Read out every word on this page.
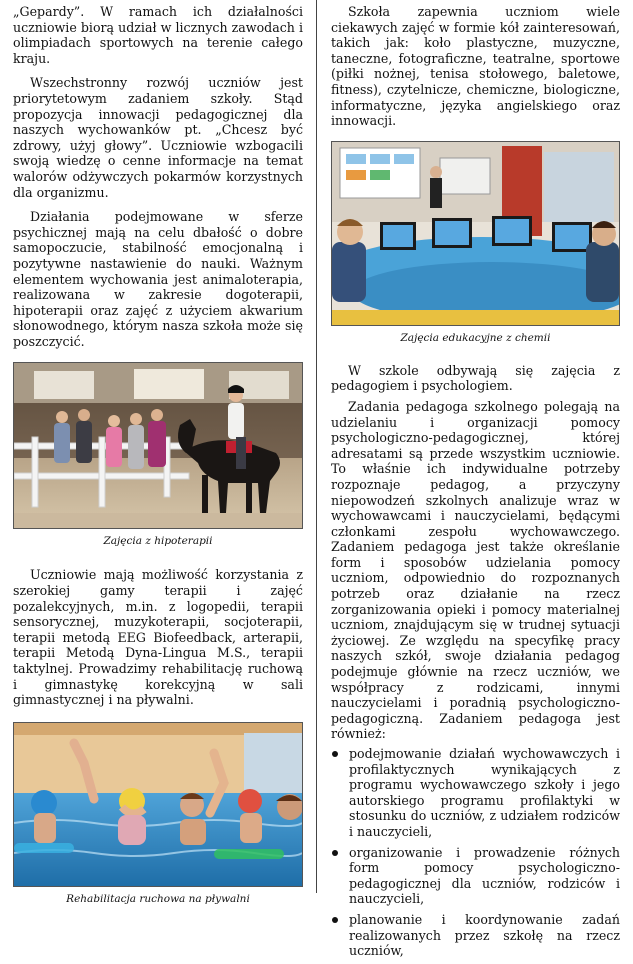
„Gepardy”. W ramach ich działalności uczniowie biorą udział w licznych zawodach i olimpiadach sportowych na terenie całego kraju.

Wszechstronny rozwój uczniów jest priorytetowym zadaniem szkoły. Stąd propozycja innowacji pedagogicznej dla naszych wychowanków pt. „Chcesz być zdrowy, użyj głowy”. Uczniowie wzbogacili swoją wiedzę o cenne informacje na temat walorów odżywczych pokarmów korzystnych dla organizmu.

Działania podejmowane w sferze psychicznej mają na celu dbałość o dobre samopoczucie, stabilność emocjonalną i pozytywne nastawienie do nauki. Ważnym elementem wychowania jest animaloterapia, realizowana w zakresie dogoterapii, hipoterapii oraz zajęć z użyciem akwarium słonowodnego, którym nasza szkoła może się poszczycić.

Zajęcia z hipoterapii

Uczniowie mają możliwość korzystania z szerokiej gamy terapii i zajęć pozalekcyjnych, m.in. z logopedii, terapii sensorycznej, muzykoterapii, socjoterapii, terapii metodą EEG Biofeedback, arterapii, terapii Metodą Dyna-Lingua M.S., terapii taktylnej. Prowadzimy rehabilitację ruchową i gimnastykę korekcyjną w sali gimnastycznej i na pływalni.

Rehabilitacja ruchowa na pływalni

Szkoła zapewnia uczniom wiele ciekawych zajęć w formie kół zainteresowań, takich jak: koło plastyczne, muzyczne, taneczne, fotograficzne, teatralne, sportowe (piłki nożnej, tenisa stołowego, baletowe, fitness), czytelnicze, chemiczne, biologiczne, informatyczne, języka angielskiego oraz innowacji.

Zajęcia edukacyjne z chemii

W szkole odbywają się zajęcia z pedagogiem i psychologiem.

Zadania pedagoga szkolnego polegają na udzielaniu i organizacji pomocy psychologiczno-pedagogicznej, której adresatami są przede wszystkim uczniowie. To właśnie ich indywidualne potrzeby rozpoznaje pedagog, a przyczyny niepowodzeń szkolnych analizuje wraz w wychowawcami i nauczycielami, będącymi członkami zespołu wychowawczego. Zadaniem pedagoga jest także określanie form i sposobów udzielania pomocy uczniom, odpowiednio do rozpoznanych potrzeb oraz działanie na rzecz zorganizowania opieki i pomocy materialnej uczniom, znajdującym się w trudnej sytuacji życiowej. Ze względu na specyfikę pracy naszych szkół, swoje działania pedagog podejmuje głównie na rzecz uczniów, we współpracy z rodzicami, innymi nauczycielami i poradnią psychologiczno-pedagogiczną. Zadaniem pedagoga jest również:

podejmowanie działań wychowawczych i profilaktycznych wynikających z programu wychowawczego szkoły i jego autorskiego programu profilaktyki w stosunku do uczniów, z udziałem rodziców i nauczycieli,
organizowanie i prowadzenie różnych form pomocy psychologiczno-pedagogicznej dla uczniów, rodziców i nauczycieli,
planowanie i koordynowanie zadań realizowanych przez szkołę na rzecz uczniów,
